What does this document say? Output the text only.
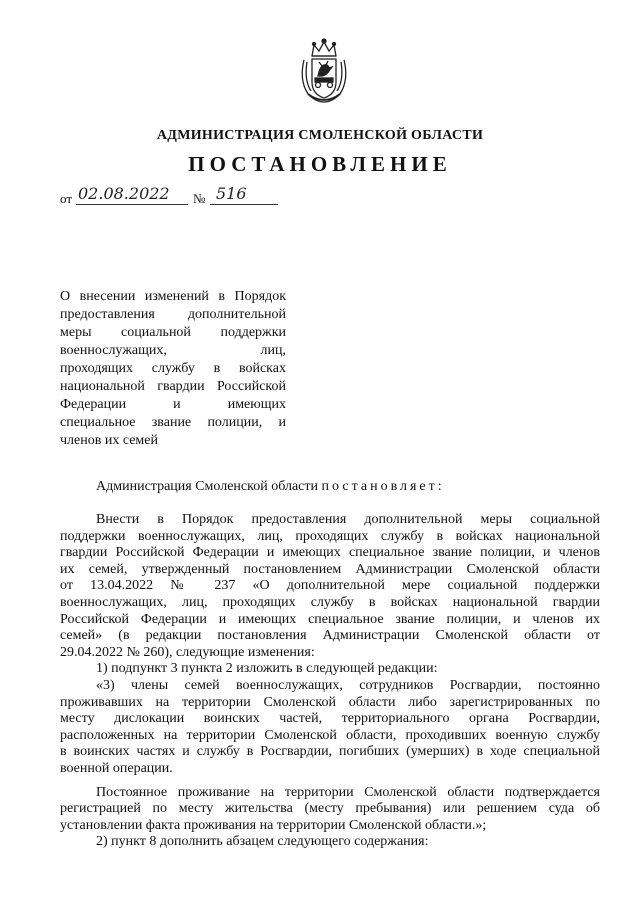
АДМИНИСТРАЦИЯ СМОЛЕНСКОЙ ОБЛАСТИ
ПОСТАНОВЛЕНИЕ
от 02.08.2022 № 516
О внесении изменений в Порядок
предоставления дополнительной
меры социальной поддержки
военнослужащих, лиц,
проходящих службу в войсках
национальной гвардии Российской
Федерации и имеющих
специальное звание полиции, и
членов их семей
Администрация Смоленской области постановляет:
Внести в Порядок предоставления дополнительной меры социальной
поддержки военнослужащих, лиц, проходящих службу в войсках национальной
гвардии Российской Федерации и имеющих специальное звание полиции, и членов
их семей, утвержденный постановлением Администрации Смоленской области
от 13.04.2022 № 237 «О дополнительной мере социальной поддержки
военнослужащих, лиц, проходящих службу в войсках национальной гвардии
Российской Федерации и имеющих специальное звание полиции, и членов их
семей» (в редакции постановления Администрации Смоленской области от
29.04.2022 № 260), следующие изменения:
1) подпункт 3 пункта 2 изложить в следующей редакции:
«3) члены семей военнослужащих, сотрудников Росгвардии, постоянно
проживавших на территории Смоленской области либо зарегистрированных по
месту дислокации воинских частей, территориального органа Росгвардии,
расположенных на территории Смоленской области, проходивших военную службу
в воинских частях и службу в Росгвардии, погибших (умерших) в ходе специальной
военной операции.
Постоянное проживание на территории Смоленской области подтверждается
регистрацией по месту жительства (месту пребывания) или решением суда об
установлении факта проживания на территории Смоленской области.»;
2) пункт 8 дополнить абзацем следующего содержания:
